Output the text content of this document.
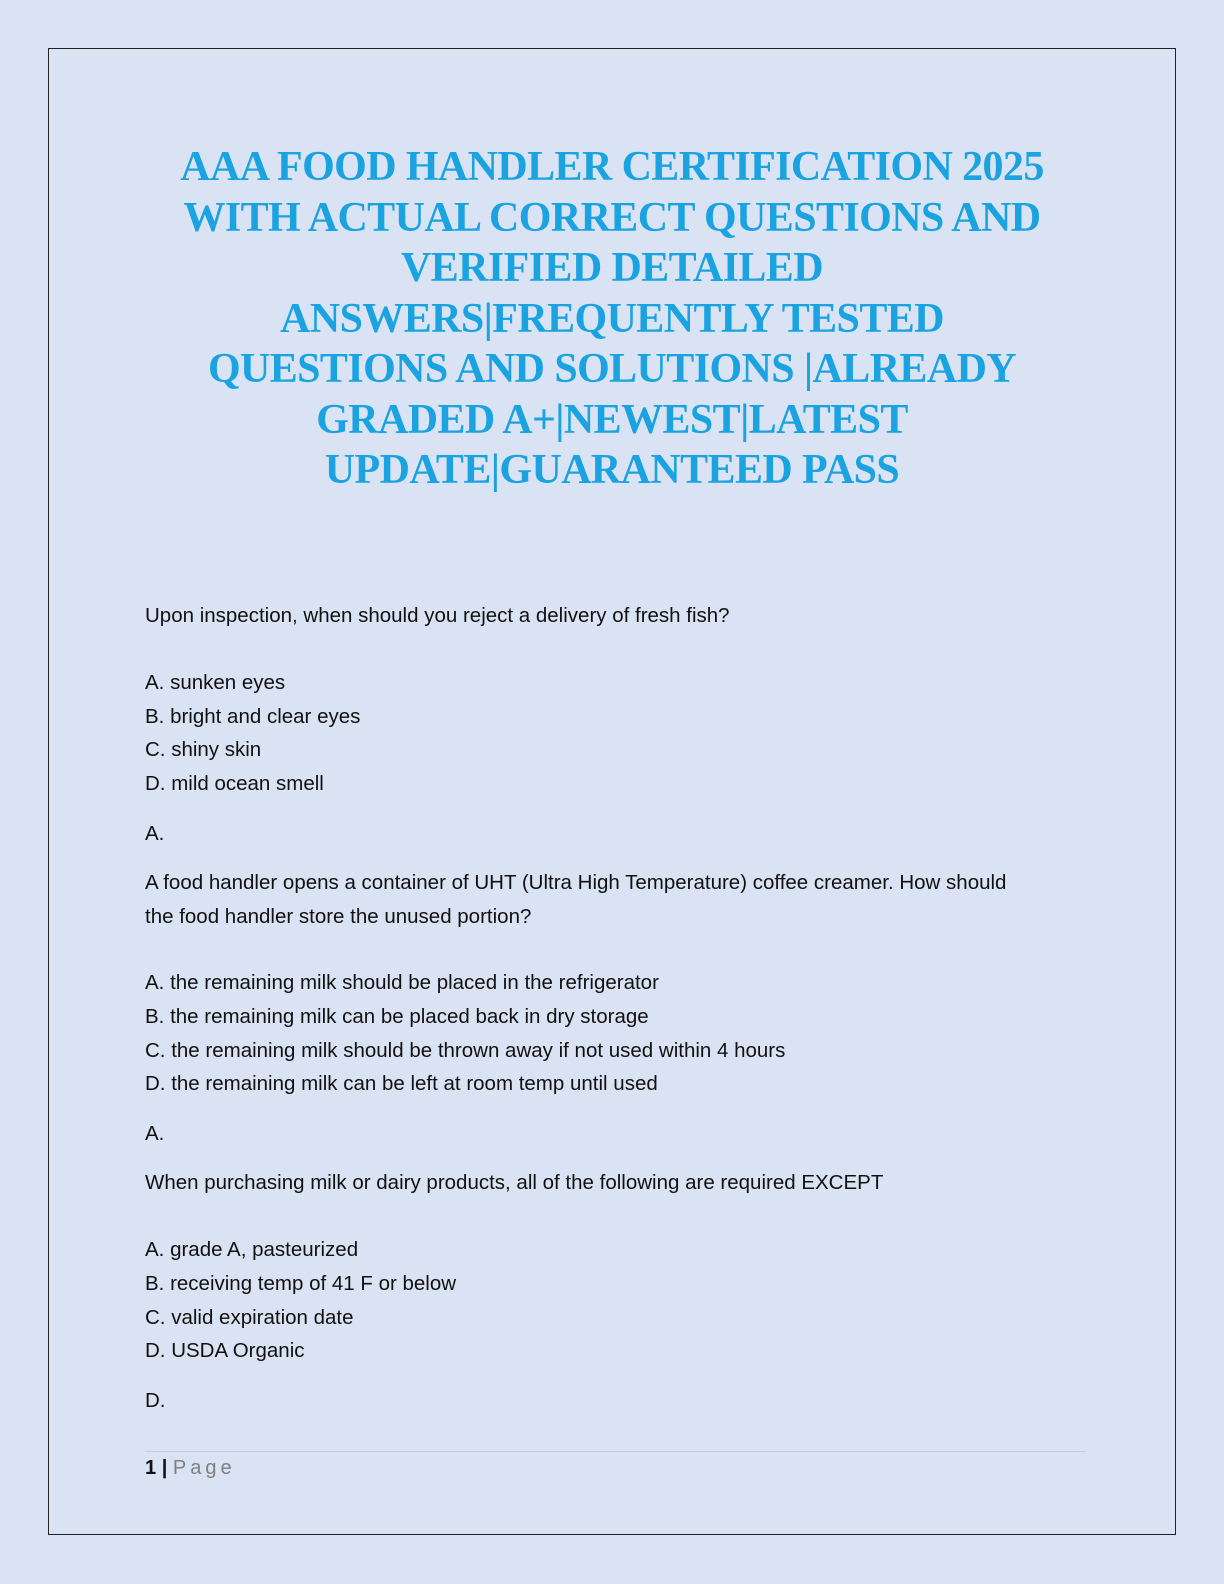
AAA FOOD HANDLER CERTIFICATION 2025
WITH ACTUAL CORRECT QUESTIONS AND
VERIFIED DETAILED
ANSWERS|FREQUENTLY TESTED
QUESTIONS AND SOLUTIONS |ALREADY
GRADED A+|NEWEST|LATEST
UPDATE|GUARANTEED PASS
Upon inspection, when should you reject a delivery of fresh fish?
A. sunken eyes
B. bright and clear eyes
C. shiny skin
D. mild ocean smell
A.
A food handler opens a container of UHT (Ultra High Temperature) coffee creamer. How should
the food handler store the unused portion?
A. the remaining milk should be placed in the refrigerator
B. the remaining milk can be placed back in dry storage
C. the remaining milk should be thrown away if not used within 4 hours
D. the remaining milk can be left at room temp until used
A.
When purchasing milk or dairy products, all of the following are required EXCEPT
A. grade A, pasteurized
B. receiving temp of 41 F or below
C. valid expiration date
D. USDA Organic
D.
1 | Page
